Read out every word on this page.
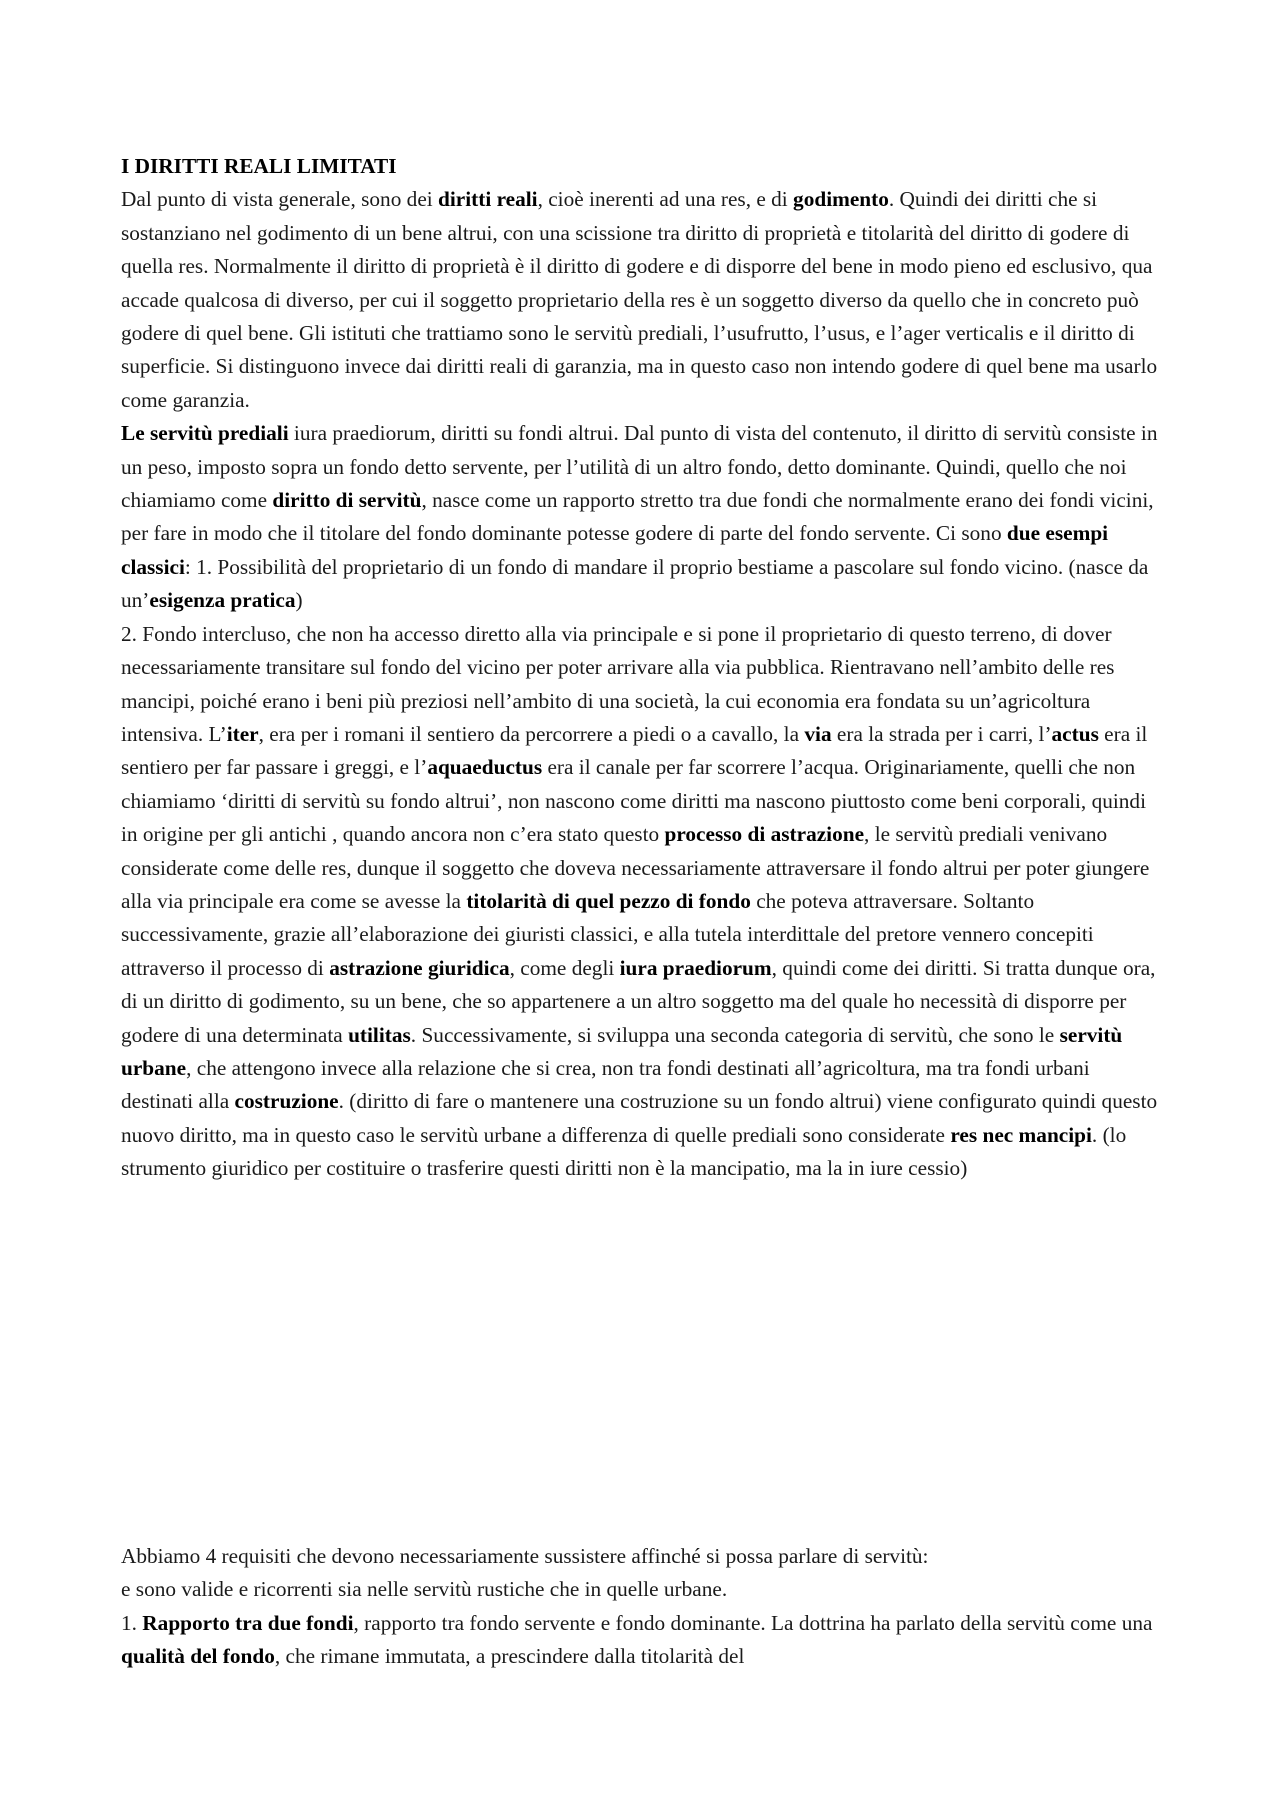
I DIRITTI REALI LIMITATI

Dal punto di vista generale, sono dei diritti reali, cioè inerenti ad una res, e di godimento. Quindi dei diritti che si sostanziano nel godimento di un bene altrui, con una scissione tra diritto di proprietà e titolarità del diritto di godere di quella res. Normalmente il diritto di proprietà è il diritto di godere e di disporre del bene in modo pieno ed esclusivo, qua accade qualcosa di diverso, per cui il soggetto proprietario della res è un soggetto diverso da quello che in concreto può godere di quel bene. Gli istituti che trattiamo sono le servitù prediali, l’usufrutto, l’usus, e l’ager verticalis e il diritto di superficie. Si distinguono invece dai diritti reali di garanzia, ma in questo caso non intendo godere di quel bene ma usarlo come garanzia.

Le servitù prediali iura praediorum, diritti su fondi altrui. Dal punto di vista del contenuto, il diritto di servitù consiste in un peso, imposto sopra un fondo detto servente, per l’utilità di un altro fondo, detto dominante. Quindi, quello che noi chiamiamo come diritto di servitù, nasce come un rapporto stretto tra due fondi che normalmente erano dei fondi vicini, per fare in modo che il titolare del fondo dominante potesse godere di parte del fondo servente. Ci sono due esempi classici: 1. Possibilità del proprietario di un fondo di mandare il proprio bestiame a pascolare sul fondo vicino. (nasce da un’esigenza pratica)

2. Fondo intercluso, che non ha accesso diretto alla via principale e si pone il proprietario di questo terreno, di dover necessariamente transitare sul fondo del vicino per poter arrivare alla via pubblica. Rientravano nell’ambito delle res mancipi, poiché erano i beni più preziosi nell’ambito di una società, la cui economia era fondata su un’agricoltura intensiva. L’iter, era per i romani il sentiero da percorrere a piedi o a cavallo, la via era la strada per i carri, l’actus era il sentiero per far passare i greggi, e l’aquaeductus era il canale per far scorrere l’acqua. Originariamente, quelli che non chiamiamo ‘diritti di servitù su fondo altrui’, non nascono come diritti ma nascono piuttosto come beni corporali, quindi in origine per gli antichi , quando ancora non c’era stato questo processo di astrazione, le servitù prediali venivano considerate come delle res, dunque il soggetto che doveva necessariamente attraversare il fondo altrui per poter giungere alla via principale era come se avesse la titolarità di quel pezzo di fondo che poteva attraversare. Soltanto successivamente, grazie all’elaborazione dei giuristi classici, e alla tutela interdittale del pretore vennero concepiti attraverso il processo di astrazione giuridica, come degli iura praediorum, quindi come dei diritti. Si tratta dunque ora, di un diritto di godimento, su un bene, che so appartenere a un altro soggetto ma del quale ho necessità di disporre per godere di una determinata utilitas. Successivamente, si sviluppa una seconda categoria di servitù, che sono le servitù urbane, che attengono invece alla relazione che si crea, non tra fondi destinati all’agricoltura, ma tra fondi urbani destinati alla costruzione. (diritto di fare o mantenere una costruzione su un fondo altrui) viene configurato quindi questo nuovo diritto, ma in questo caso le servitù urbane a differenza di quelle prediali sono considerate res nec mancipi. (lo strumento giuridico per costituire o trasferire questi diritti non è la mancipatio, ma la in iure cessio)

Abbiamo 4 requisiti che devono necessariamente sussistere affinché si possa parlare di servitù:

e sono valide e ricorrenti sia nelle servitù rustiche che in quelle urbane.

1. Rapporto tra due fondi, rapporto tra fondo servente e fondo dominante. La dottrina ha parlato della servitù come una qualità del fondo, che rimane immutata, a prescindere dalla titolarità del
